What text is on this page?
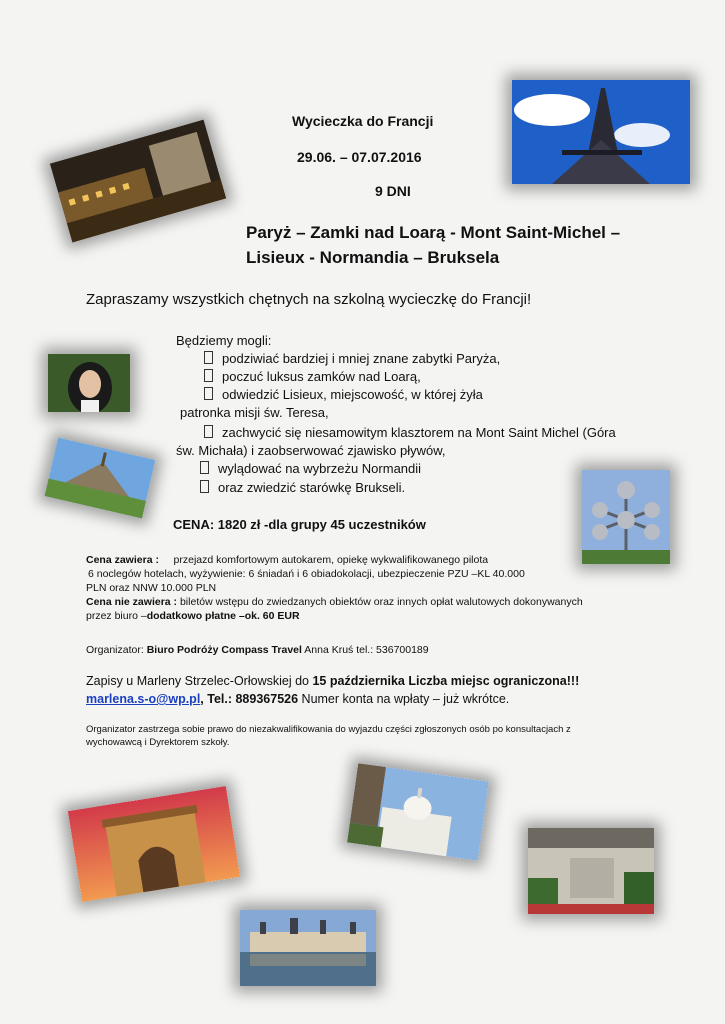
Wycieczka do Francji
29.06. – 07.07.2016
9 DNI
Paryż – Zamki nad Loarą - Mont Saint-Michel –
Lisieux - Normandia – Bruksela
Zapraszamy wszystkich chętnych na szkolną wycieczkę do Francji!
Będziemy mogli:
podziwiać bardziej i mniej znane zabytki Paryża,
poczuć luksus zamków nad Loarą,
odwiedzić Lisieux, miejscowość, w której żyła
patronka misji św. Teresa,
zachwycić się niesamowitym klasztorem na Mont Saint Michel (Góra
św. Michała) i zaobserwować zjawisko pływów,
wylądować na wybrzeżu Normandii
oraz zwiedzić starówkę Brukseli.
CENA: 1820 zł -dla grupy 45 uczestników
Cena zawiera : przejazd komfortowym autokarem, opiekę wykwalifikowanego pilota
6 noclegów hotelach, wyżywienie: 6 śniadań i 6 obiadokolacji, ubezpieczenie PZU –KL 40.000
PLN oraz NNW 10.000 PLN
Cena nie zawiera : biletów wstępu do zwiedzanych obiektów oraz innych opłat walutowych dokonywanych
przez biuro –dodatkowo płatne –ok. 60 EUR
Organizator: Biuro Podróży Compass Travel Anna Kruś tel.: 536700189
Zapisy u Marleny Strzelec-Orłowskiej do 15 października Liczba miejsc ograniczona!!!
marlena.s-o@wp.pl, Tel.: 889367526 Numer konta na wpłaty – już wkrótce.
Organizator zastrzega sobie prawo do niezakwalifikowania do wyjazdu części zgłoszonych osób po konsultacjach z
wychowawcą i Dyrektorem szkoły.
